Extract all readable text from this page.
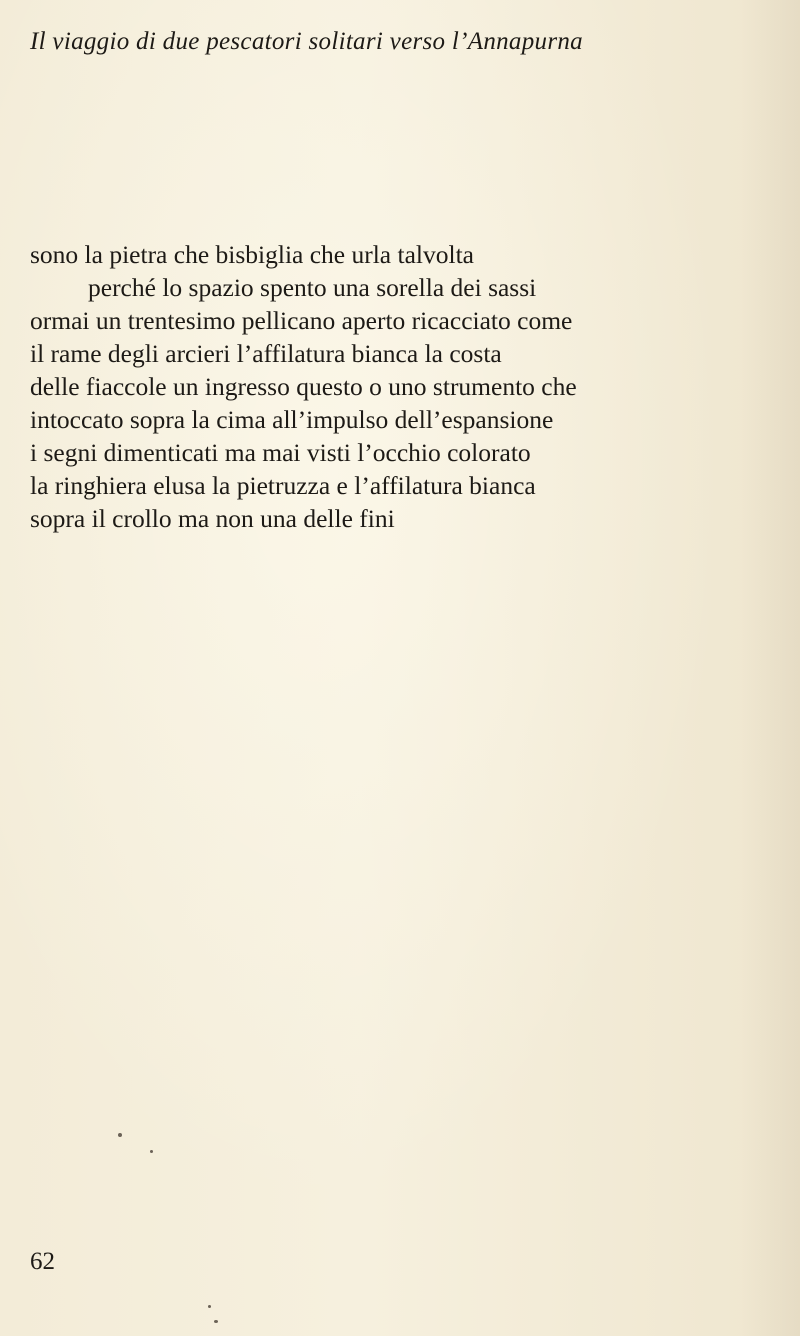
Il viaggio di due pescatori solitari verso l’Annapurna
sono la pietra che bisbiglia che urla talvolta
perché lo spazio spento una sorella dei sassi
ormai un trentesimo pellicano aperto ricacciato come
il rame degli arcieri l’affilatura bianca la costa
delle fiaccole un ingresso questo o uno strumento che
intoccato sopra la cima all’impulso dell’espansione
i segni dimenticati ma mai visti l’occhio colorato
la ringhiera elusa la pietruzza e l’affilatura bianca
sopra il crollo ma non una delle fini
62
